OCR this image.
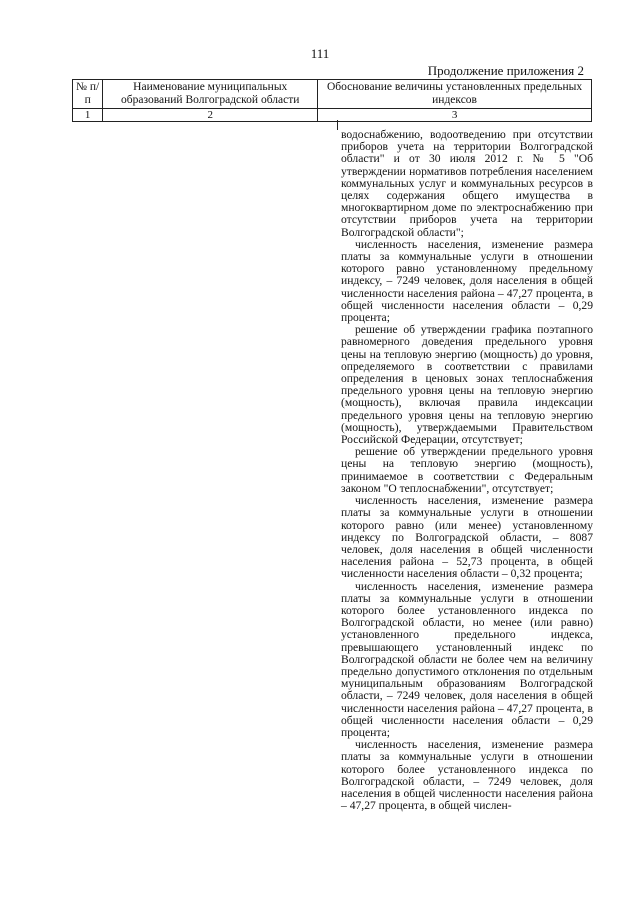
111
Продолжение приложения 2
№ п/п	Наименование муниципальных образований Волгоградской области	Обоснование величины установленных предельных индексов
1	2	3

водоснабжению, водоотведению при отсутствии приборов учета на территории Волгоградской области" и от 30 июля 2012 г. № 5 "Об утверждении нормативов потребления населением коммунальных услуг и коммунальных ресурсов в целях содержания общего имущества в многоквартирном доме по электроснабжению при отсутствии приборов учета на территории Волгоградской области";

численность населения, изменение размера платы за коммунальные услуги в отношении которого равно установленному предельному индексу, – 7249 человек, доля населения в общей численности населения района – 47,27 процента, в общей численности населения области – 0,29 процента;

решение об утверждении графика поэтапного равномерного доведения предельного уровня цены на тепловую энергию (мощность) до уровня, определяемого в соответствии с правилами определения в ценовых зонах теплоснабжения предельного уровня цены на тепловую энергию (мощность), включая правила индексации предельного уровня цены на тепловую энергию (мощность), утверждаемыми Правительством Российской Федерации, отсутствует;

решение об утверждении предельного уровня цены на тепловую энергию (мощность), принимаемое в соответствии с Федеральным законом "О теплоснабжении", отсутствует;

численность населения, изменение размера платы за коммунальные услуги в отношении которого равно (или менее) установленному индексу по Волгоградской области, – 8087 человек, доля населения в общей численности населения района – 52,73 процента, в общей численности населения области – 0,32 процента;

численность населения, изменение размера платы за коммунальные услуги в отношении которого более установленного индекса по Волгоградской области, но менее (или равно) установленного предельного индекса, превышающего установленный индекс по Волгоградской области не более чем на величину предельно допустимого отклонения по отдельным муниципальным образованиям Волгоградской области, – 7249 человек, доля населения в общей численности населения района – 47,27 процента, в общей численности населения области – 0,29 процента;

численность населения, изменение размера платы за коммунальные услуги в отношении которого более установленного индекса по Волгоградской области, – 7249 человек, доля населения в общей численности населения района – 47,27 процента, в общей числен-
